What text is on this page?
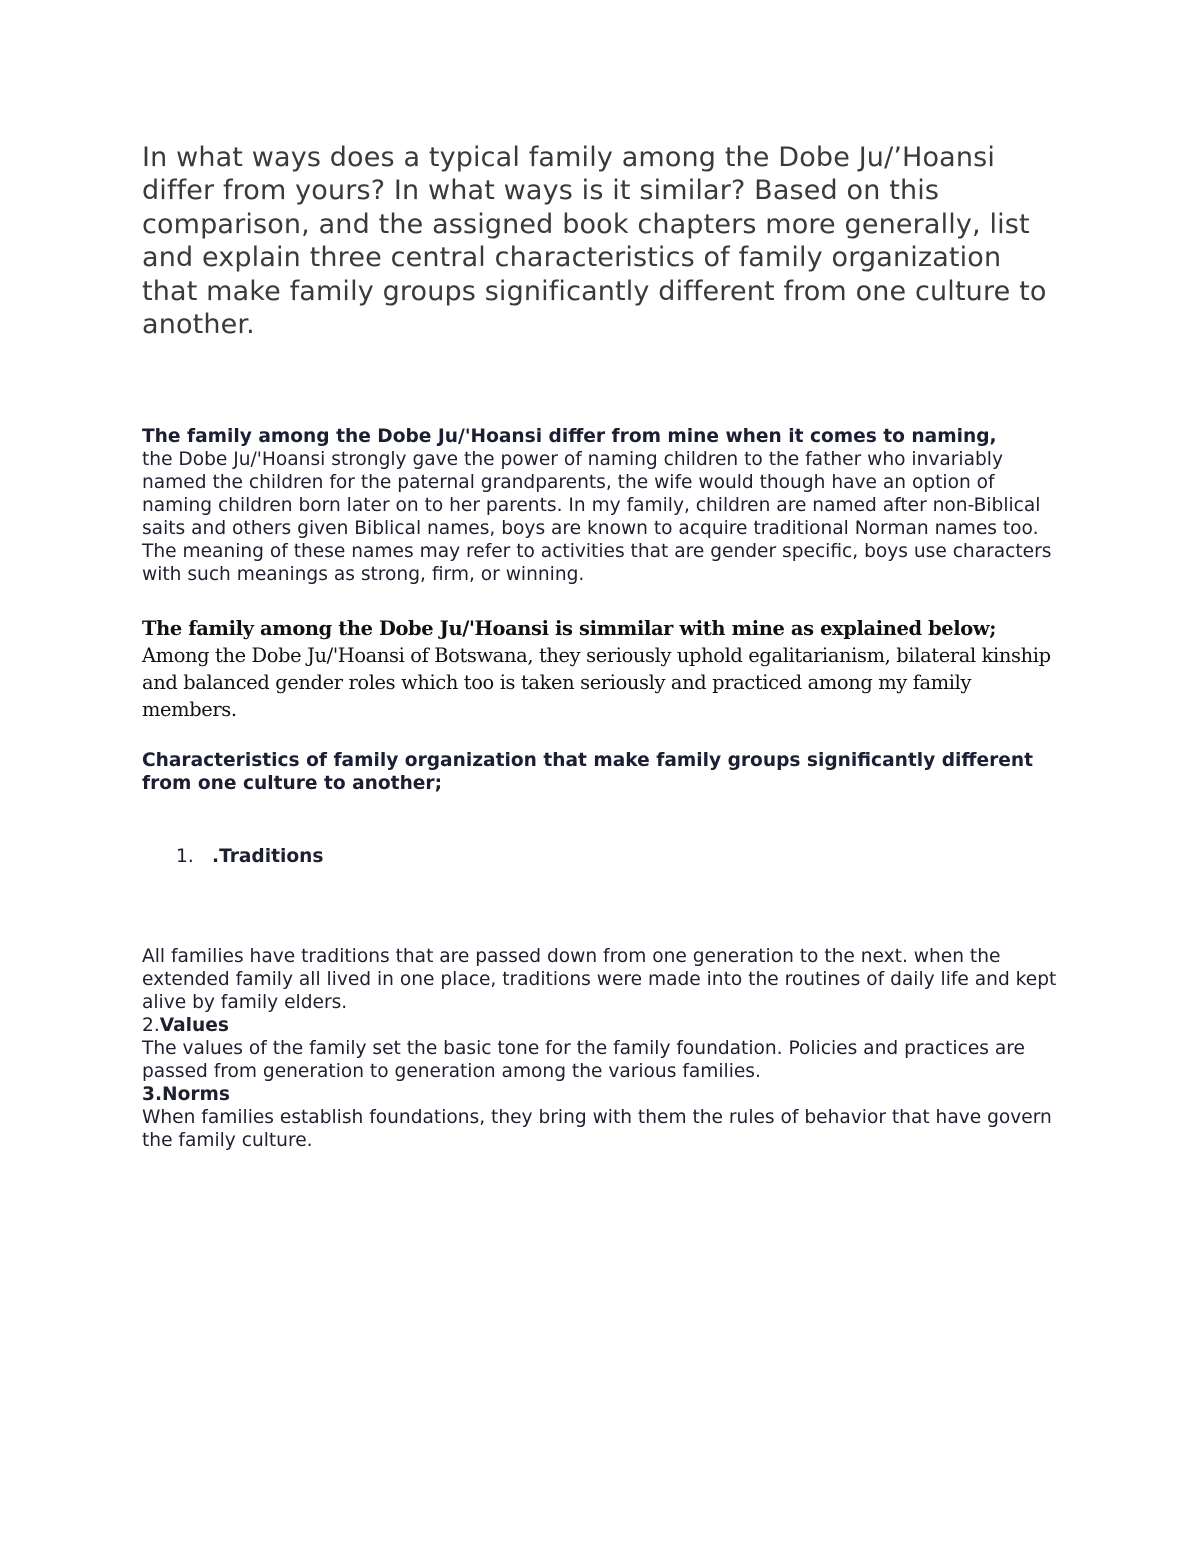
In what ways does a typical family among the Dobe Ju/’Hoansi differ from yours? In what ways is it similar? Based on this comparison, and the assigned book chapters more generally, list and explain three central characteristics of family organization that make family groups significantly different from one culture to another.

The family among the Dobe Ju/'Hoansi differ from mine when it comes to naming,
the Dobe Ju/'Hoansi strongly gave the power of naming children to the father who invariably named the children for the paternal grandparents, the wife would though have an option of naming children born later on to her parents. In my family, children are named after non-Biblical saits and others given Biblical names, boys are known to acquire traditional Norman names too. The meaning of these names may refer to activities that are gender specific, boys use characters with such meanings as strong, firm, or winning.

The family among the Dobe Ju/'Hoansi is simmilar with mine as explained below;
Among the Dobe Ju/'Hoansi of Botswana, they seriously uphold egalitarianism, bilateral kinship and balanced gender roles which too is taken seriously and practiced among my family members.

Characteristics of family organization that make family groups significantly different from one culture to another;

1. .Traditions

All families have traditions that are passed down from one generation to the next. when the extended family all lived in one place, traditions were made into the routines of daily life and kept alive by family elders.

2.Values

The values of the family set the basic tone for the family foundation. Policies and practices are passed from generation to generation among the various families.

3.Norms

When families establish foundations, they bring with them the rules of behavior that have govern the family culture.
